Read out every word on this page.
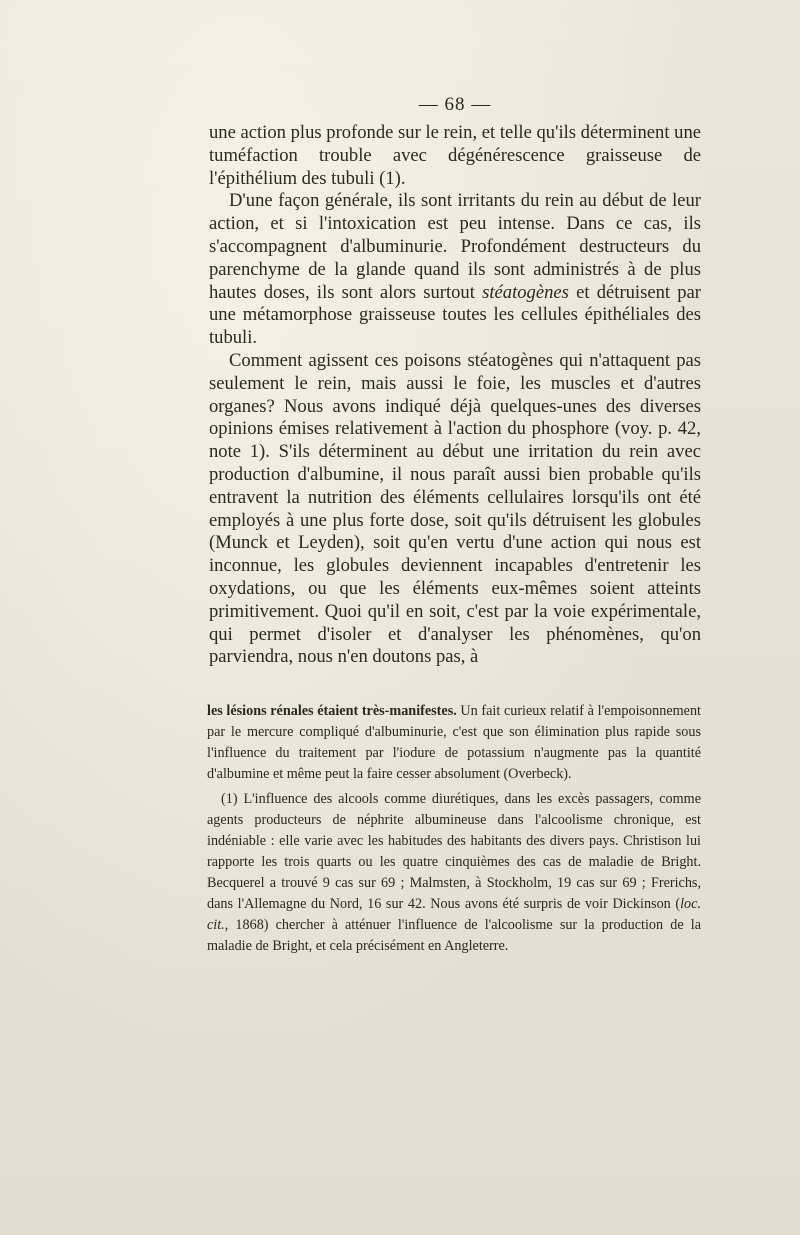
— 68 —

une action plus profonde sur le rein, et telle qu'ils déterminent une tuméfaction trouble avec dégénérescence graisseuse de l'épithélium des tubuli (1).

D'une façon générale, ils sont irritants du rein au début de leur action, et si l'intoxication est peu intense. Dans ce cas, ils s'accompagnent d'albuminurie. Profondément destructeurs du parenchyme de la glande quand ils sont administrés à de plus hautes doses, ils sont alors surtout stéatogènes et détruisent par une métamorphose graisseuse toutes les cellules épithéliales des tubuli.

Comment agissent ces poisons stéatogènes qui n'attaquent pas seulement le rein, mais aussi le foie, les muscles et d'autres organes? Nous avons indiqué déjà quelques-unes des diverses opinions émises relativement à l'action du phosphore (voy. p. 42, note 1). S'ils déterminent au début une irritation du rein avec production d'albumine, il nous paraît aussi bien probable qu'ils entravent la nutrition des éléments cellulaires lorsqu'ils ont été employés à une plus forte dose, soit qu'ils détruisent les globules (Munck et Leyden), soit qu'en vertu d'une action qui nous est inconnue, les globules deviennent incapables d'entretenir les oxydations, ou que les éléments eux-mêmes soient atteints primitivement. Quoi qu'il en soit, c'est par la voie expérimentale, qui permet d'isoler et d'analyser les phénomènes, qu'on parviendra, nous n'en doutons pas, à

les lésions rénales étaient très-manifestes. Un fait curieux relatif à l'empoisonnement par le mercure compliqué d'albuminurie, c'est que son élimination plus rapide sous l'influence du traitement par l'iodure de potassium n'augmente pas la quantité d'albumine et même peut la faire cesser absolument (Overbeck).

(1) L'influence des alcools comme diurétiques, dans les excès passagers, comme agents producteurs de néphrite albumineuse dans l'alcoolisme chronique, est indéniable : elle varie avec les habitudes des habitants des divers pays. Christison lui rapporte les trois quarts ou les quatre cinquièmes des cas de maladie de Bright. Becquerel a trouvé 9 cas sur 69 ; Malmsten, à Stockholm, 19 cas sur 69 ; Frerichs, dans l'Allemagne du Nord, 16 sur 42. Nous avons été surpris de voir Dickinson (loc. cit., 1868) chercher à atténuer l'influence de l'alcoolisme sur la production de la maladie de Bright, et cela précisément en Angleterre.
